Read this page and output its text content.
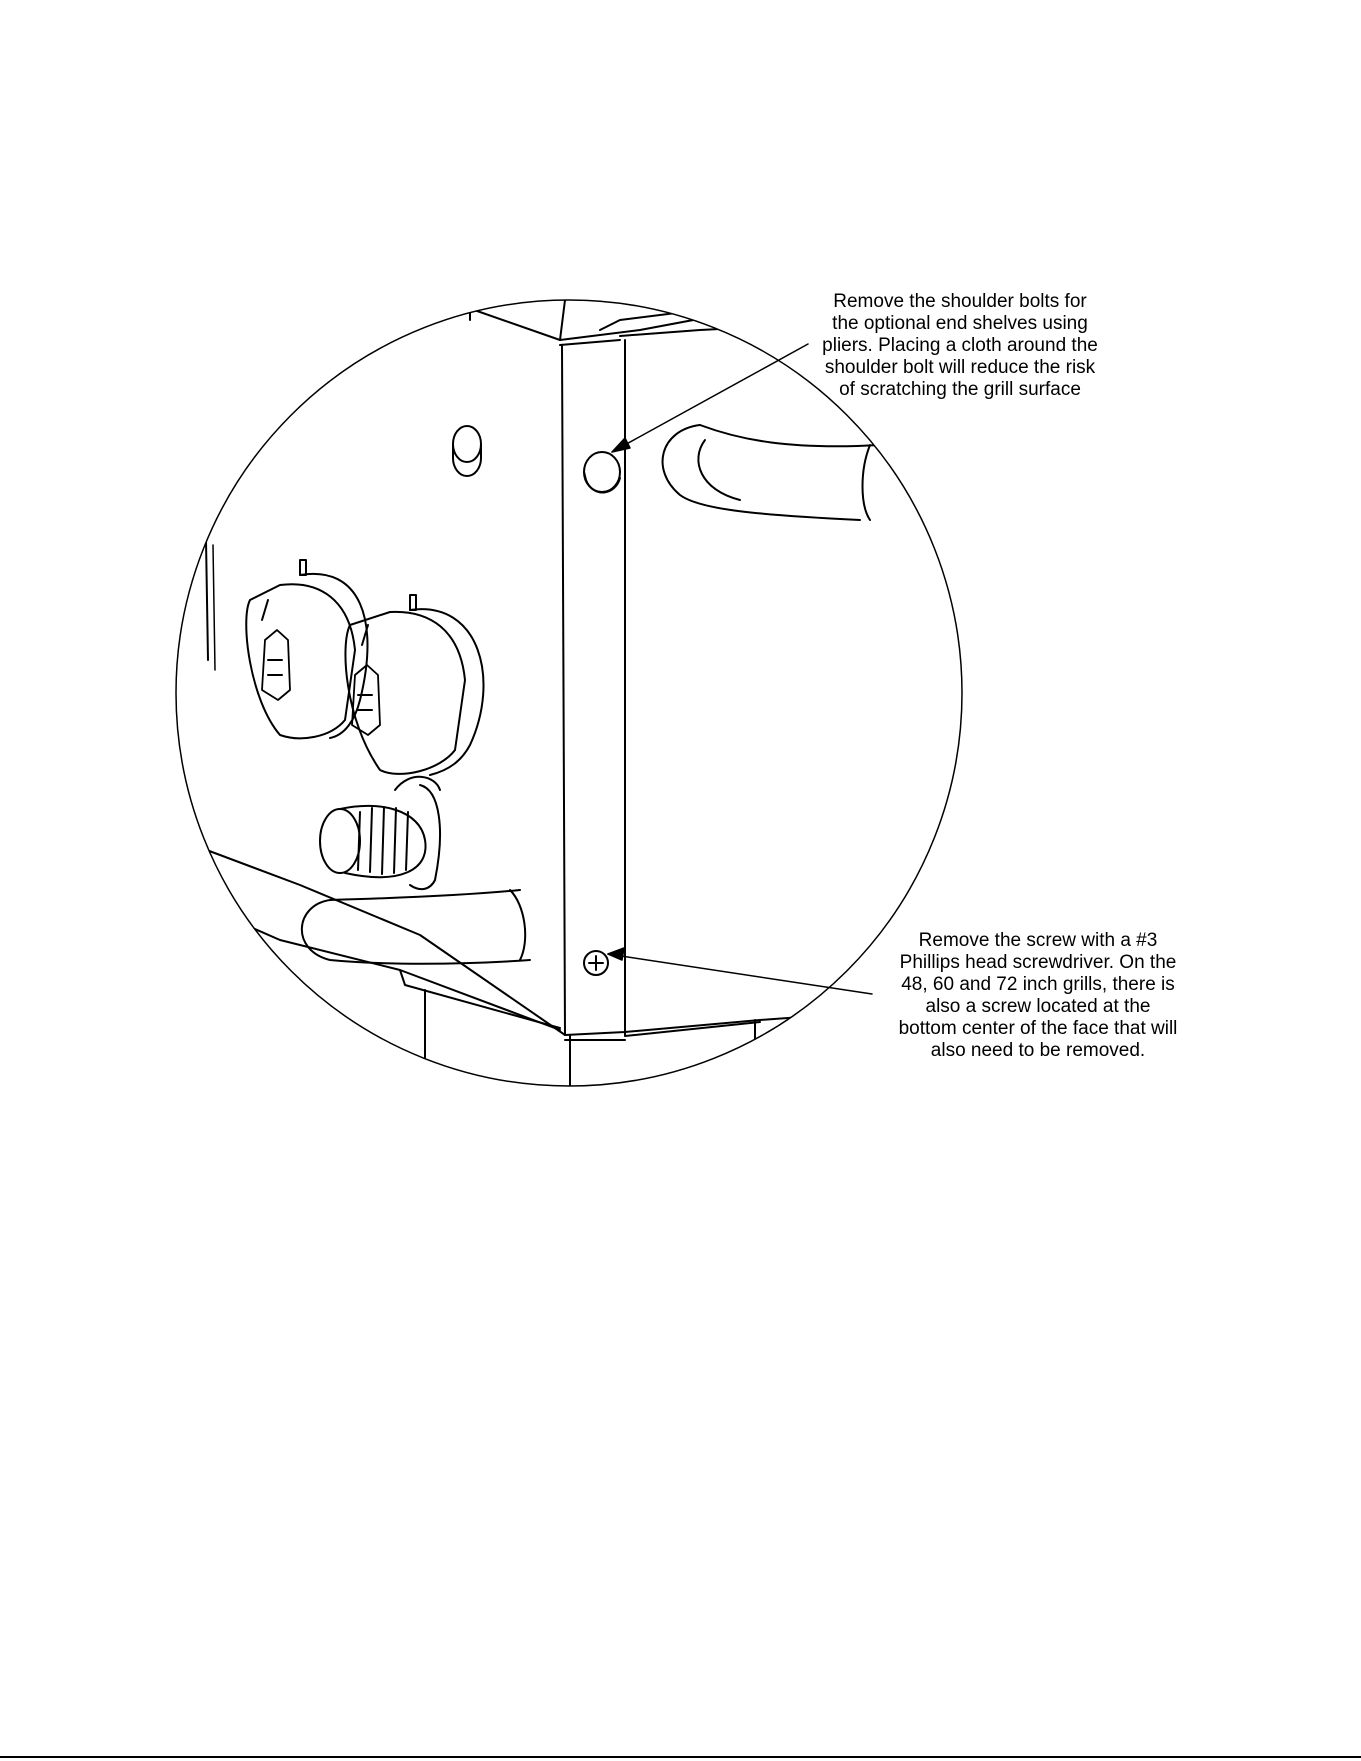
Remove the shoulder bolts for
the optional end shelves using
pliers. Placing a cloth around the
shoulder bolt will reduce the risk
of scratching the grill surface
Remove the screw with a #3
Phillips head screwdriver. On the
48, 60 and 72 inch grills, there is
also a screw located at the
bottom center of the face that will
also need to be removed.
